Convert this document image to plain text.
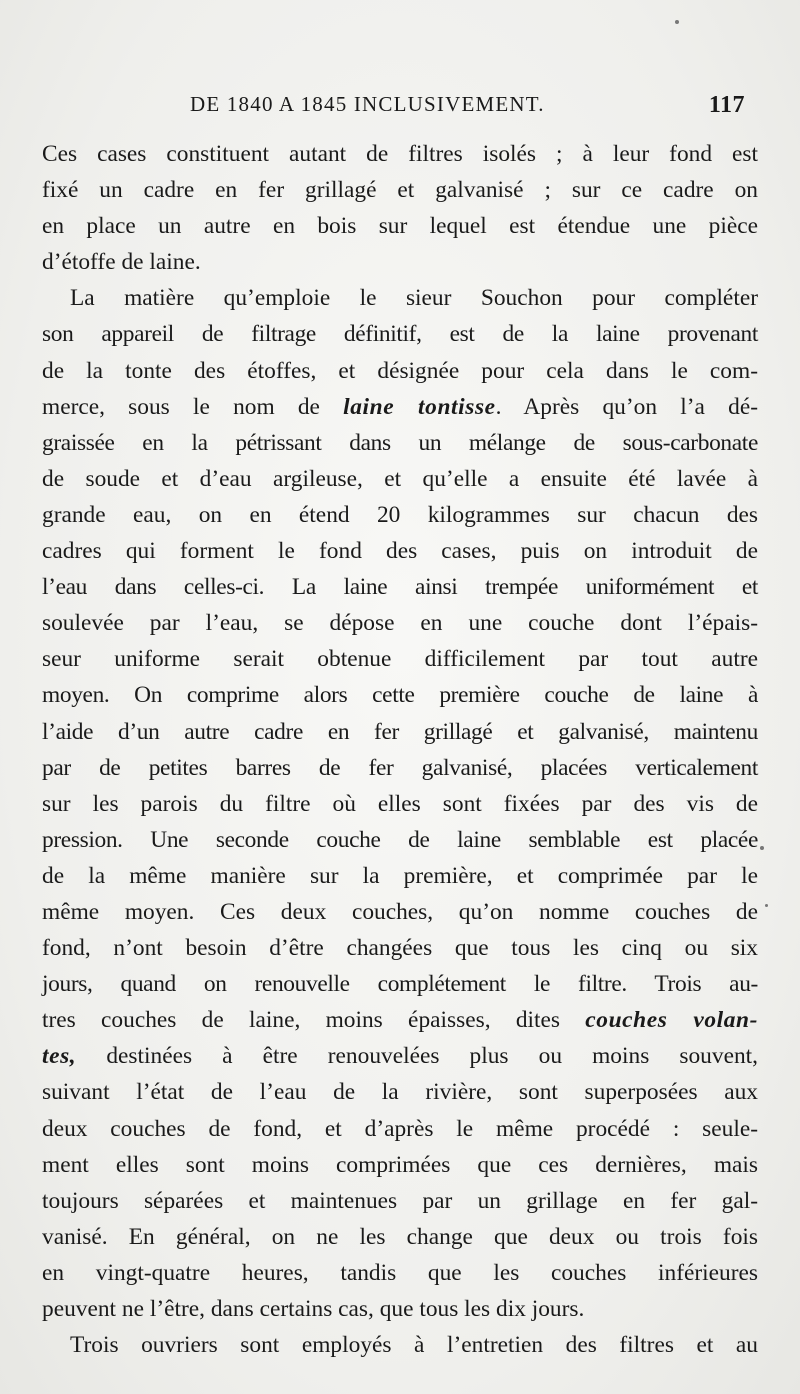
DE 1840 A 1845 INCLUSIVEMENT.	117
Ces cases constituent autant de filtres isolés ; à leur fond est
fixé un cadre en fer grillagé et galvanisé ; sur ce cadre on
en place un autre en bois sur lequel est étendue une pièce
d’étoffe de laine.
La matière qu’emploie le sieur Souchon pour compléter
son appareil de filtrage définitif, est de la laine provenant
de la tonte des étoffes, et désignée pour cela dans le com-
merce, sous le nom de laine tontisse. Après qu’on l’a dé-
graissée en la pétrissant dans un mélange de sous-carbonate
de soude et d’eau argileuse, et qu’elle a ensuite été lavée à
grande eau, on en étend 20 kilogrammes sur chacun des
cadres qui forment le fond des cases, puis on introduit de
l’eau dans celles-ci. La laine ainsi trempée uniformément et
soulevée par l’eau, se dépose en une couche dont l’épais-
seur uniforme serait obtenue difficilement par tout autre
moyen. On comprime alors cette première couche de laine à
l’aide d’un autre cadre en fer grillagé et galvanisé, maintenu
par de petites barres de fer galvanisé, placées verticalement
sur les parois du filtre où elles sont fixées par des vis de
pression. Une seconde couche de laine semblable est placée
de la même manière sur la première, et comprimée par le
même moyen. Ces deux couches, qu’on nomme couches de
fond, n’ont besoin d’être changées que tous les cinq ou six
jours, quand on renouvelle complétement le filtre. Trois au-
tres couches de laine, moins épaisses, dites couches volan-
tes, destinées à être renouvelées plus ou moins souvent,
suivant l’état de l’eau de la rivière, sont superposées aux
deux couches de fond, et d’après le même procédé : seule-
ment elles sont moins comprimées que ces dernières, mais
toujours séparées et maintenues par un grillage en fer gal-
vanisé. En général, on ne les change que deux ou trois fois
en vingt-quatre heures, tandis que les couches inférieures
peuvent ne l’être, dans certains cas, que tous les dix jours.
Trois ouvriers sont employés à l’entretien des filtres et au
